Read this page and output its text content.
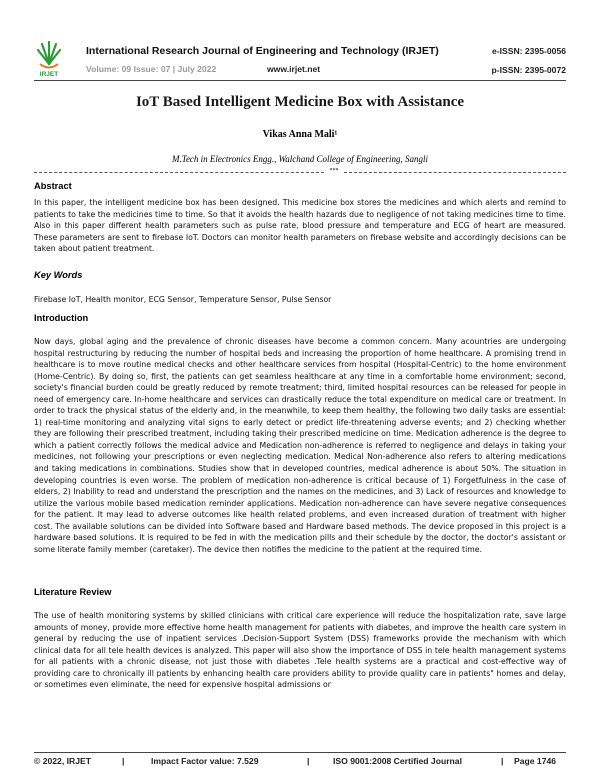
IRJET
International Research Journal of Engineering and Technology (IRJET)	e-ISSN: 2395-0056
Volume: 09 Issue: 07 | July 2022	www.irjet.net	p-ISSN: 2395-0072
IoT Based Intelligent Medicine Box with Assistance
Vikas Anna Mali¹
M.Tech in Electronics Engg., Walchand College of Engineering, Sangli
***
Abstract

In this paper, the intelligent medicine box has been designed. This medicine box stores the medicines and which alerts and remind to patients to take the medicines time to time. So that it avoids the health hazards due to negligence of not taking medicines time to time. Also in this paper different health parameters such as pulse rate, blood pressure and temperature and ECG of heart are measured. These parameters are sent to firebase IoT. Doctors can monitor health parameters on firebase website and accordingly decisions can be taken about patient treatment.

Key Words

Firebase IoT, Health monitor, ECG Sensor, Temperature Sensor, Pulse Sensor

Introduction

Now days, global aging and the prevalence of chronic diseases have become a common concern. Many acountries are undergoing hospital restructuring by reducing the number of hospital beds and increasing the proportion of home healthcare. A promising trend in healthcare is to move routine medical checks and other healthcare services from hospital (Hospital-Centric) to the home environment (Home-Centric). By doing so, first, the patients can get seamless healthcare at any time in a comfortable home environment; second, society's financial burden could be greatly reduced by remote treatment; third, limited hospital resources can be released for people in need of emergency care. In-home healthcare and services can drastically reduce the total expenditure on medical care or treatment. In order to track the physical status of the elderly and, in the meanwhile, to keep them healthy, the following two daily tasks are essential: 1) real-time monitoring and analyzing vital signs to early detect or predict life-threatening adverse events; and 2) checking whether they are following their prescribed treatment, including taking their prescribed medicine on time. Medication adherence is the degree to which a patient correctly follows the medical advice and Medication non-adherence is referred to negligence and delays in taking your medicines, not following your prescriptions or even neglecting medication. Medical Non-adherence also refers to altering medications and taking medications in combinations. Studies show that in developed countries, medical adherence is about 50%. The situation in developing countries is even worse. The problem of medication non-adherence is critical because of 1) Forgetfulness in the case of elders, 2) Inability to read and understand the prescription and the names on the medicines, and 3) Lack of resources and knowledge to utilize the various mobile based medication reminder applications. Medication non-adherence can have severe negative consequences for the patient. It may lead to adverse outcomes like health related problems, and even increased duration of treatment with higher cost. The available solutions can be divided into Software based and Hardware based methods. The device proposed in this project is a hardware based solutions. It is required to be fed in with the medication pills and their schedule by the doctor, the doctor's assistant or some literate family member (caretaker). The device then notifies the medicine to the patient at the required time.

Literature Review

The use of health monitoring systems by skilled clinicians with critical care experience will reduce the hospitalization rate, save large amounts of money, provide more effective home health management for patients with diabetes, and improve the health care system in general by reducing the use of inpatient services .Decision-Support System (DSS) frameworks provide the mechanism with which clinical data for all tele health devices is analyzed. This paper will also show the importance of DSS in tele health management systems for all patients with a chronic disease, not just those with diabetes .Tele health systems are a practical and cost-effective way of providing care to chronically ill patients by enhancing health care providers ability to provide quality care in patients" homes and delay, or sometimes even eliminate, the need for expensive hospital admissions or

© 2022, IRJET	|	Impact Factor value: 7.529	|	ISO 9001:2008 Certified Journal	| Page 1746
